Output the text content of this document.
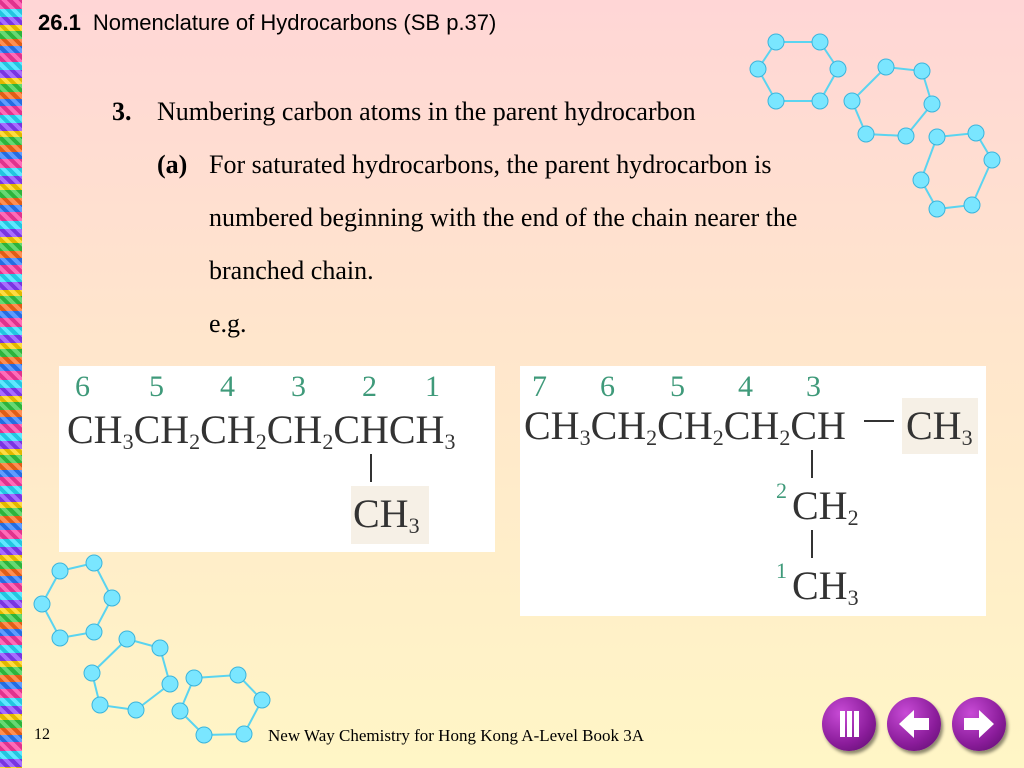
26.1 Nomenclature of Hydrocarbons (SB p.37)
3. Numbering carbon atoms in the parent hydrocarbon
(a) For saturated hydrocarbons, the parent hydrocarbon is
numbered beginning with the end of the chain nearer the
branched chain.
e.g.
6 5 4 3 2 1
$CH_3CH_2CH_2CH_2CHCH_3$
$CH_3$
7 6 5 4 3
$CH_3CH_2CH_2CH_2CH$ $CH_3$
2 $CH_2$
1 $CH_3$
12	New Way Chemistry for Hong Kong A-Level Book 3A
